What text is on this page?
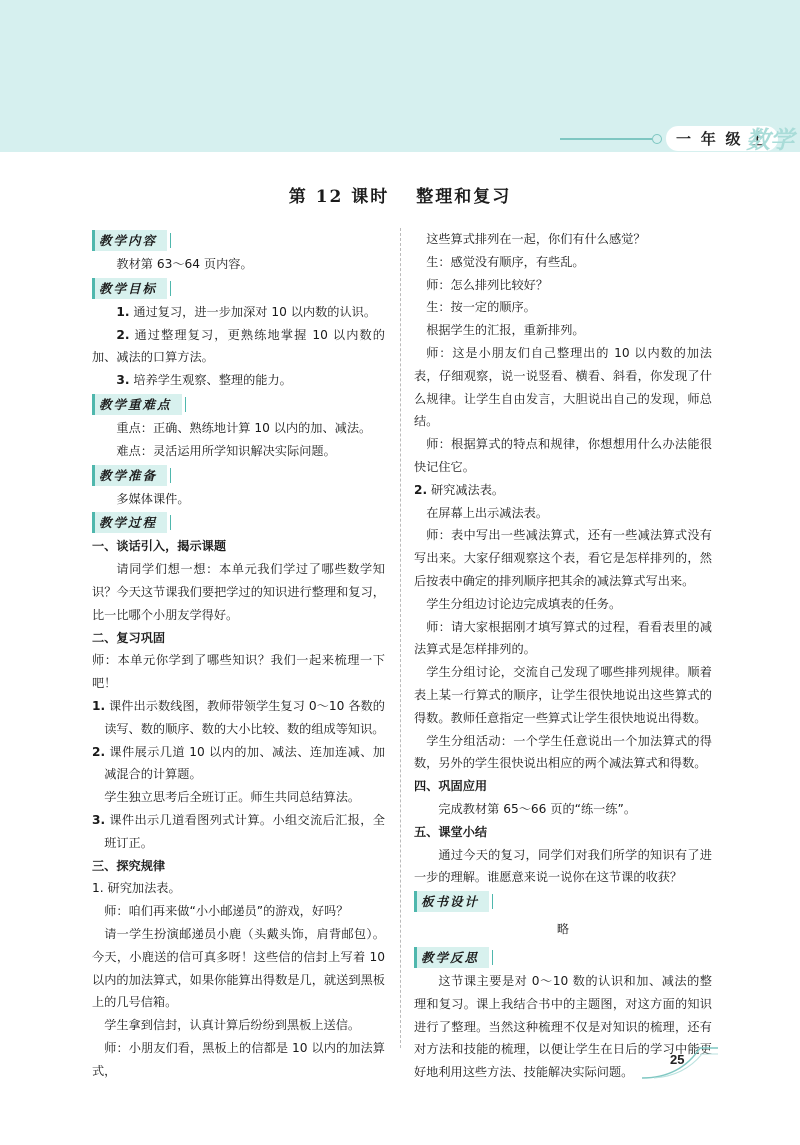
一 年 级 上
数学
第 12 课时　 整理和复习
教学内容

教材第 63～64 页内容。

教学目标

1. 通过复习，进一步加深对 10 以内数的认识。

2. 通过整理复习，更熟练地掌握 10 以内数的加、减法的口算方法。

3. 培养学生观察、整理的能力。

教学重难点

重点：正确、熟练地计算 10 以内的加、减法。

难点：灵活运用所学知识解决实际问题。

教学准备

多媒体课件。

教学过程

一、谈话引入，揭示课题

请同学们想一想：本单元我们学过了哪些数学知识？今天这节课我们要把学过的知识进行整理和复习，比一比哪个小朋友学得好。

二、复习巩固

师：本单元你学到了哪些知识？我们一起来梳理一下吧！

1. 课件出示数线图，教师带领学生复习 0～10 各数的读写、数的顺序、数的大小比较、数的组成等知识。

2. 课件展示几道 10 以内的加、减法、连加连减、加减混合的计算题。

学生独立思考后全班订正。师生共同总结算法。

3. 课件出示几道看图列式计算。小组交流后汇报，全班订正。

三、探究规律

1. 研究加法表。

师：咱们再来做“小小邮递员”的游戏，好吗？

请一学生扮演邮递员小鹿（头戴头饰，肩背邮包）。今天，小鹿送的信可真多呀！这些信的信封上写着 10 以内的加法算式，如果你能算出得数是几，就送到黑板上的几号信箱。

学生拿到信封，认真计算后纷纷到黑板上送信。

师：小朋友们看，黑板上的信都是 10 以内的加法算式，

这些算式排列在一起，你们有什么感觉？

生：感觉没有顺序，有些乱。

师：怎么排列比较好？

生：按一定的顺序。

根据学生的汇报，重新排列。

师：这是小朋友们自己整理出的 10 以内数的加法表，仔细观察，说一说竖看、横看、斜看，你发现了什么规律。让学生自由发言，大胆说出自己的发现，师总结。

师：根据算式的特点和规律，你想想用什么办法能很快记住它。

2. 研究减法表。

在屏幕上出示减法表。

师：表中写出一些减法算式，还有一些减法算式没有写出来。大家仔细观察这个表，看它是怎样排列的，然后按表中确定的排列顺序把其余的减法算式写出来。

学生分组边讨论边完成填表的任务。

师：请大家根据刚才填写算式的过程，看看表里的减法算式是怎样排列的。

学生分组讨论，交流自己发现了哪些排列规律。顺着表上某一行算式的顺序，让学生很快地说出这些算式的得数。教师任意指定一些算式让学生很快地说出得数。

学生分组活动：一个学生任意说出一个加法算式的得数，另外的学生很快说出相应的两个减法算式和得数。

四、巩固应用

完成教材第 65～66 页的“练一练”。

五、课堂小结

通过今天的复习，同学们对我们所学的知识有了进一步的理解。谁愿意来说一说你在这节课的收获？

板书设计

略

教学反思

这节课主要是对 0～10 数的认识和加、减法的整理和复习。课上我结合书中的主题图，对这方面的知识进行了整理。当然这种梳理不仅是对知识的梳理，还有对方法和技能的梳理，以便让学生在日后的学习中能更好地利用这些方法、技能解决实际问题。

25
